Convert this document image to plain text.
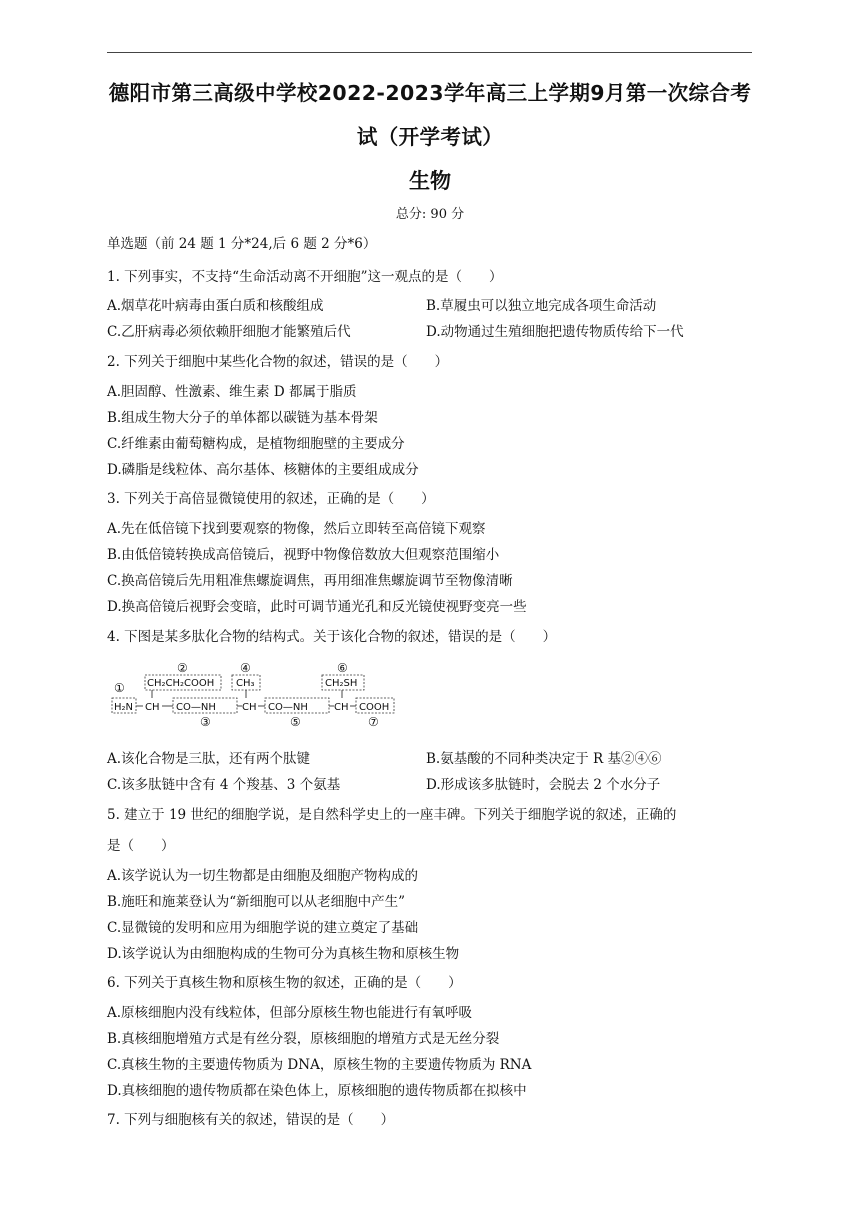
德阳市第三高级中学校2022-2023学年高三上学期9月第一次综合考
试（开学考试）
生物
总分: 90 分
单选题（前 24 题 1 分*24,后 6 题 2 分*6）
1. 下列事实，不支持“生命活动离不开细胞”这一观点的是（　　）
A.烟草花叶病毒由蛋白质和核酸组成	B.草履虫可以独立地完成各项生命活动
C.乙肝病毒必须依赖肝细胞才能繁殖后代	D.动物通过生殖细胞把遗传物质传给下一代
2. 下列关于细胞中某些化合物的叙述，错误的是（　　）
A.胆固醇、性激素、维生素 D 都属于脂质
B.组成生物大分子的单体都以碳链为基本骨架
C.纤维素由葡萄糖构成，是植物细胞壁的主要成分
D.磷脂是线粒体、高尔基体、核糖体的主要组成成分
3. 下列关于高倍显微镜使用的叙述，正确的是（　　）
A.先在低倍镜下找到要观察的物像，然后立即转至高倍镜下观察
B.由低倍镜转换成高倍镜后，视野中物像倍数放大但观察范围缩小
C.换高倍镜后先用粗准焦螺旋调焦，再用细准焦螺旋调节至物像清晰
D.换高倍镜后视野会变暗，此时可调节通光孔和反光镜使视野变亮一些
4. 下图是某多肽化合物的结构式。关于该化合物的叙述，错误的是（　　）
①
②
③
④
⑤
⑥
⑦
H₂N CH
CH₂CH₂COOH
CO—NH	CH
CH₃
CO—NH	CH
CH₂SH
COOH
A.该化合物是三肽，还有两个肽键	B.氨基酸的不同种类决定于 R 基②④⑥
C.该多肽链中含有 4 个羧基、3 个氨基	D.形成该多肽链时，会脱去 2 个水分子
5. 建立于 19 世纪的细胞学说，是自然科学史上的一座丰碑。下列关于细胞学说的叙述，正确的
是（　　）
A.该学说认为一切生物都是由细胞及细胞产物构成的
B.施旺和施莱登认为“新细胞可以从老细胞中产生”
C.显微镜的发明和应用为细胞学说的建立奠定了基础
D.该学说认为由细胞构成的生物可分为真核生物和原核生物
6. 下列关于真核生物和原核生物的叙述，正确的是（　　）
A.原核细胞内没有线粒体，但部分原核生物也能进行有氧呼吸
B.真核细胞增殖方式是有丝分裂，原核细胞的增殖方式是无丝分裂
C.真核生物的主要遗传物质为 DNA，原核生物的主要遗传物质为 RNA
D.真核细胞的遗传物质都在染色体上，原核细胞的遗传物质都在拟核中
7. 下列与细胞核有关的叙述，错误的是（　　）
